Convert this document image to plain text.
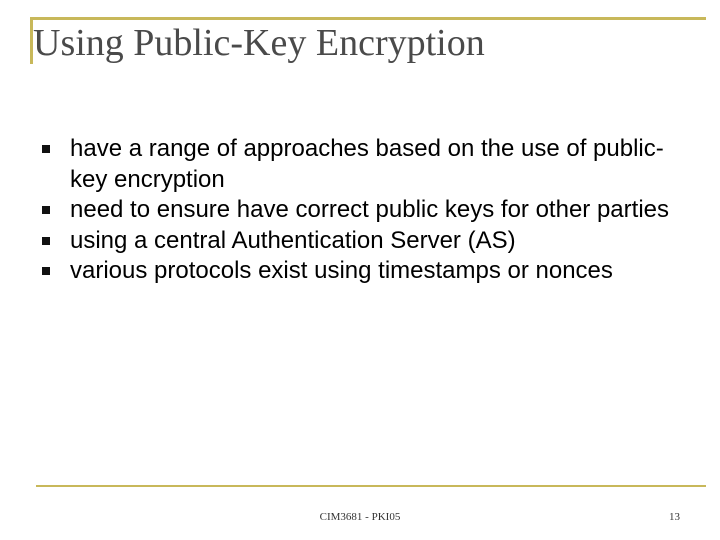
Using Public-Key Encryption
have a range of approaches based on the use of public-key encryption
need to ensure have correct public keys for other parties
using a central Authentication Server (AS)
various protocols exist using timestamps or nonces
CIM3681 - PKI05	13
